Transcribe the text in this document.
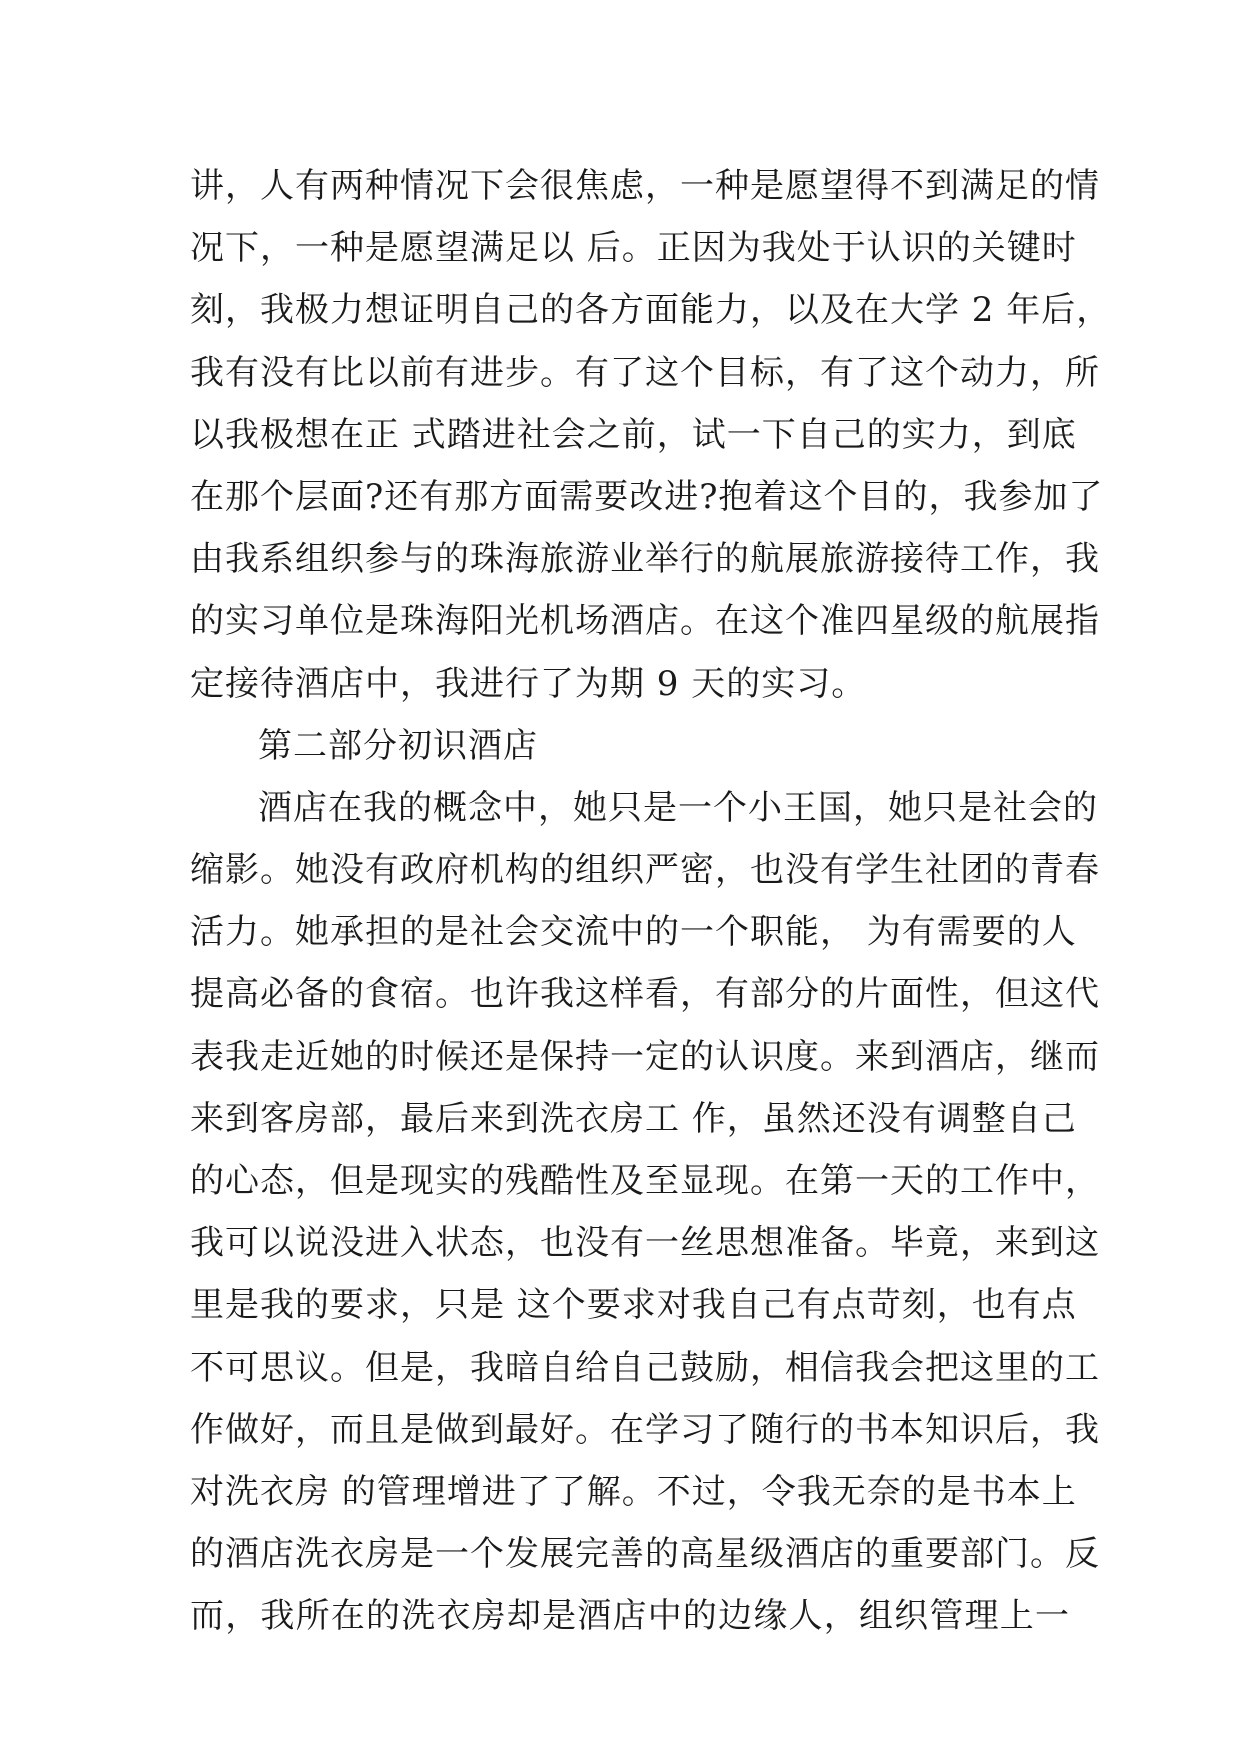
讲，人有两种情况下会很焦虑，一种是愿望得不到满足的情
况下，一种是愿望满足以 后。正因为我处于认识的关键时
刻，我极力想证明自己的各方面能力，以及在大学 2 年后，
我有没有比以前有进步。有了这个目标，有了这个动力，所
以我极想在正 式踏进社会之前，试一下自己的实力，到底
在那个层面?还有那方面需要改进?抱着这个目的，我参加了
由我系组织参与的珠海旅游业举行的航展旅游接待工作，我
的实习单位是珠海阳光机场酒店。在这个准四星级的航展指
定接待酒店中，我进行了为期 9 天的实习。
第二部分初识酒店
酒店在我的概念中，她只是一个小王国，她只是社会的
缩影。她没有政府机构的组织严密，也没有学生社团的青春
活力。她承担的是社会交流中的一个职能， 为有需要的人
提高必备的食宿。也许我这样看，有部分的片面性，但这代
表我走近她的时候还是保持一定的认识度。来到酒店，继而
来到客房部，最后来到洗衣房工 作，虽然还没有调整自己
的心态，但是现实的残酷性及至显现。在第一天的工作中，
我可以说没进入状态，也没有一丝思想准备。毕竟，来到这
里是我的要求，只是 这个要求对我自己有点苛刻，也有点
不可思议。但是，我暗自给自己鼓励，相信我会把这里的工
作做好，而且是做到最好。在学习了随行的书本知识后，我
对洗衣房 的管理增进了了解。不过，令我无奈的是书本上
的酒店洗衣房是一个发展完善的高星级酒店的重要部门。反
而，我所在的洗衣房却是酒店中的边缘人，组织管理上一
